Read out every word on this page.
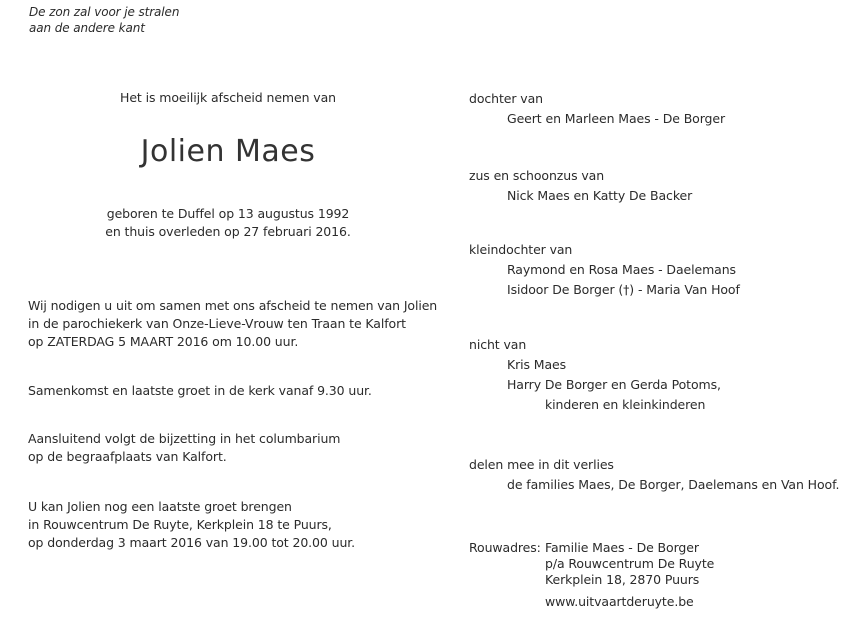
De zon zal voor je stralen
aan de andere kant
Het is moeilijk afscheid nemen van
Jolien Maes
geboren te Duffel op 13 augustus 1992
en thuis overleden op 27 februari 2016.
Wij nodigen u uit om samen met ons afscheid te nemen van Jolien
in de parochiekerk van Onze-Lieve-Vrouw ten Traan te Kalfort
op ZATERDAG 5 MAART 2016 om 10.00 uur.
Samenkomst en laatste groet in de kerk vanaf 9.30 uur.
Aansluitend volgt de bijzetting in het columbarium
op de begraafplaats van Kalfort.
U kan Jolien nog een laatste groet brengen
in Rouwcentrum De Ruyte, Kerkplein 18 te Puurs,
op donderdag 3 maart 2016 van 19.00 tot 20.00 uur.
dochter van
Geert en Marleen Maes - De Borger
zus en schoonzus van
Nick Maes en Katty De Backer
kleindochter van
Raymond en Rosa Maes - Daelemans
Isidoor De Borger (†) - Maria Van Hoof
nicht van
Kris Maes
Harry De Borger en Gerda Potoms,
kinderen en kleinkinderen
delen mee in dit verlies
de families Maes, De Borger, Daelemans en Van Hoof.
Rouwadres: Familie Maes - De Borger
p/a Rouwcentrum De Ruyte
Kerkplein 18, 2870 Puurs
www.uitvaartderuyte.be
